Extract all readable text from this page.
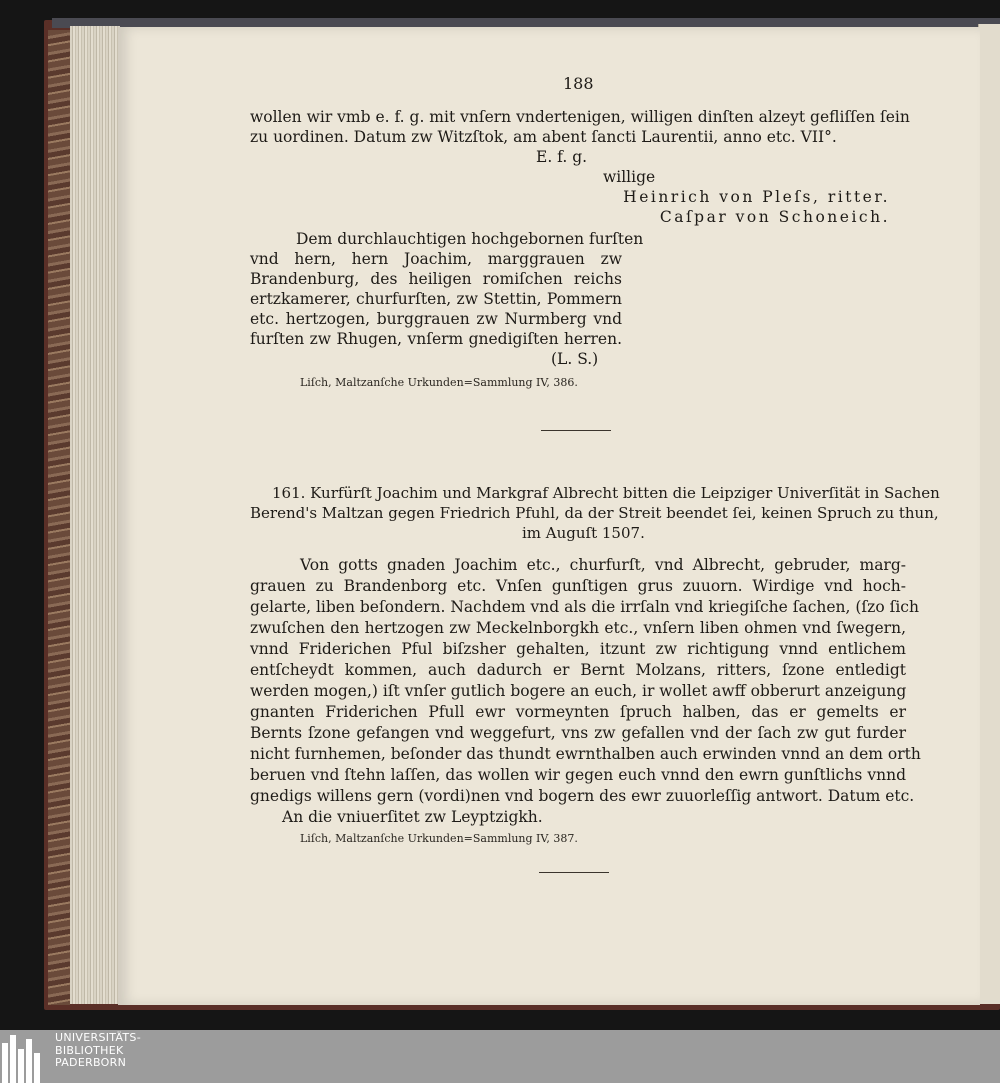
188
wollen wir vmb e. f. g. mit vnſern vndertenigen, willigen dinſten alzeyt gefliſſen ſein
zu uordinen. Datum zw Witzſtok, am abent ſancti Laurentii, anno etc. VII°.
E. f. g.
willige
Heinrich von Pleſs, ritter.
Caſpar von Schoneich.
Dem durchlauchtigen hochgebornen furſten
vnd hern, hern Joachim, marggrauen zw
Brandenburg, des heiligen romiſchen reichs
ertzkamerer, churfurſten, zw Stettin, Pommern
etc. hertzogen, burggrauen zw Nurmberg vnd
furſten zw Rhugen, vnſerm gnedigiſten herren.
(L. S.)
Liſch, Maltzanſche Urkunden=Sammlung IV, 386.
161. Kurfürſt Joachim und Markgraf Albrecht bitten die Leipziger Univerſität in Sachen
Berend's Maltzan gegen Friedrich Pfuhl, da der Streit beendet ſei, keinen Spruch zu thun,
im Auguſt 1507.
Von gotts gnaden Joachim etc., churfurſt, vnd Albrecht, gebruder, marg-
grauen zu Brandenborg etc. Vnſen gunſtigen grus zuuorn. Wirdige vnd hoch-
gelarte, liben beſondern. Nachdem vnd als die irrſaln vnd kriegiſche ſachen, (ſzo ſich
zwuſchen den hertzogen zw Meckelnborgkh etc., vnſern liben ohmen vnd ſwegern,
vnnd Friderichen Pful biſzsher gehalten, itzunt zw richtigung vnnd entlichem
entſcheydt kommen, auch dadurch er Bernt Molzans, ritters, ſzone entledigt
werden mogen,) iſt vnſer gutlich bogere an euch, ir wollet awff obberurt anzeigung
gnanten Friderichen Pfull ewr vormeynten ſpruch halben, das er gemelts er
Bernts ſzone gefangen vnd weggefurt, vns zw gefallen vnd der ſach zw gut furder
nicht furnhemen, beſonder das thundt ewrnthalben auch erwinden vnnd an dem orth
beruen vnd ſtehn laſſen, das wollen wir gegen euch vnnd den ewrn gunſtlichs vnnd
gnedigs willens gern (vordi)nen vnd bogern des ewr zuuorleſſig antwort. Datum etc.
An die vniuerſitet zw Leyptzigkh.
Liſch, Maltzanſche Urkunden=Sammlung IV, 387.
UNIVERSITÄTS-
BIBLIOTHEK
PADERBORN
